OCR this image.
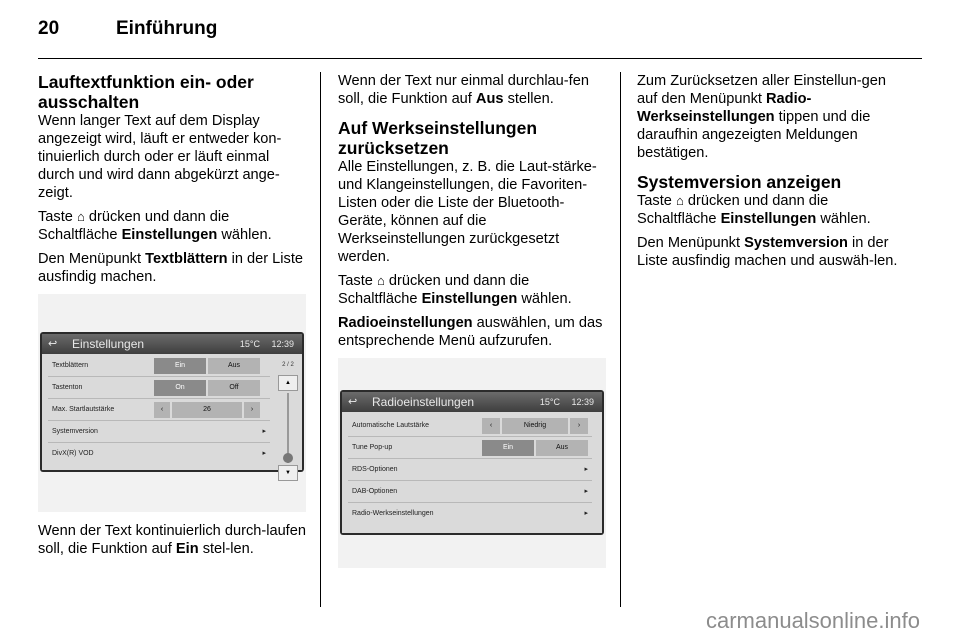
20	Einführung
Lauftextfunktion ein- oder ausschalten

Wenn langer Text auf dem Display angezeigt wird, läuft er entweder kon-tinuierlich durch oder er läuft einmal durch und wird dann abgekürzt ange-zeigt.

Taste ⌂ drücken und dann die Schaltfläche Einstellungen wählen.

Den Menüpunkt Textblättern in der Liste ausfindig machen.

↩ Einstellungen	15°C 12:39
Textblättern	Ein	Aus
Tastenton	On	Off
Max. Startlautstärke	‹	26	›
Systemversion	▸
DivX(R) VOD	▸
2 / 2
▲
▼

Wenn der Text kontinuierlich durch-laufen soll, die Funktion auf Ein stel-len.

Wenn der Text nur einmal durchlau-fen soll, die Funktion auf Aus stellen.

Auf Werkseinstellungen zurücksetzen

Alle Einstellungen, z. B. die Laut-stärke- und Klangeinstellungen, die Favoriten-Listen oder die Liste der Bluetooth-Geräte, können auf die Werkseinstellungen zurückgesetzt werden.

Taste ⌂ drücken und dann die Schaltfläche Einstellungen wählen.

Radioeinstellungen auswählen, um das entsprechende Menü aufzurufen.

↩ Radioeinstellungen	15°C 12:39
Automatische Lautstärke	‹	Niedrig	›
Tune Pop-up	Ein	Aus
RDS-Optionen	▸
DAB-Optionen	▸
Radio-Werkseinstellungen	▸

Zum Zurücksetzen aller Einstellun-gen auf den Menüpunkt Radio-Werkseinstellungen tippen und die daraufhin angezeigten Meldungen bestätigen.

Systemversion anzeigen

Taste ⌂ drücken und dann die Schaltfläche Einstellungen wählen.

Den Menüpunkt Systemversion in der Liste ausfindig machen und auswäh-len.

carmanualsonline.info
